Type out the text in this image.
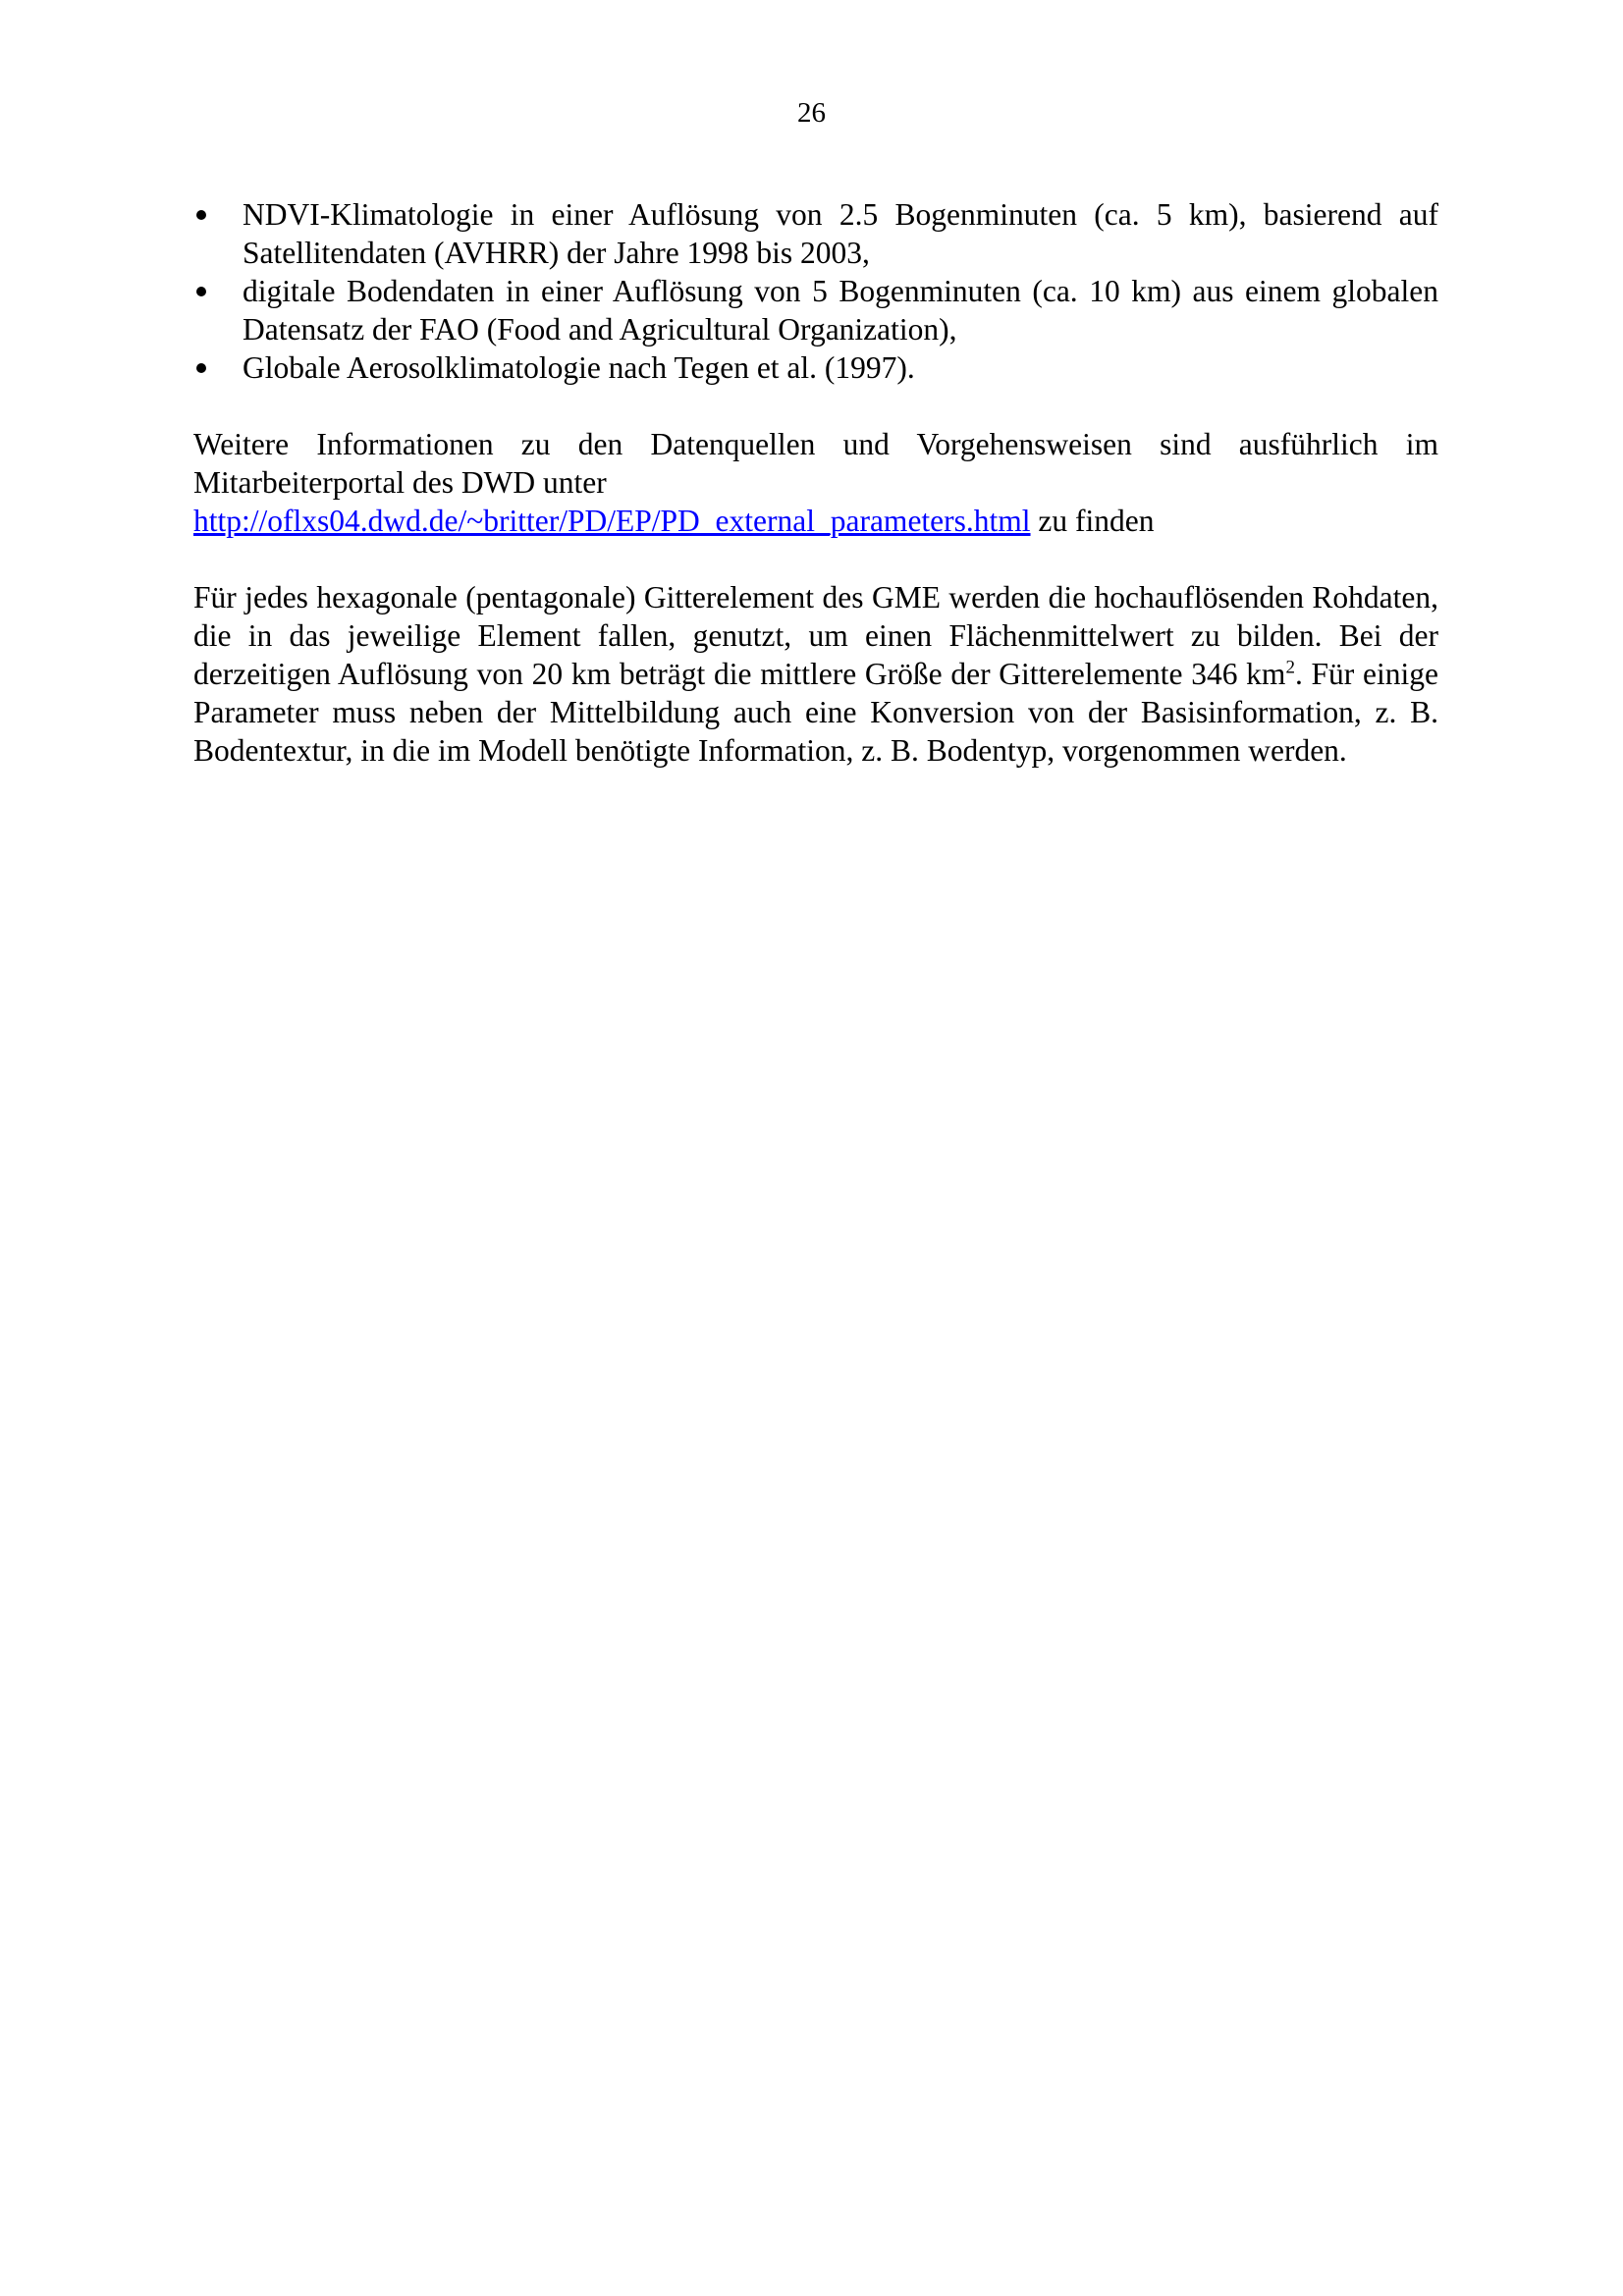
26
NDVI-Klimatologie in einer Auflösung von 2.5 Bogenminuten (ca. 5 km), basierend auf Satellitendaten (AVHRR) der Jahre 1998 bis 2003,
digitale Bodendaten in einer Auflösung von 5 Bogenminuten (ca. 10 km) aus einem globalen Datensatz der FAO (Food and Agricultural Organization),
Globale Aerosolklimatologie nach Tegen et al. (1997).

Weitere Informationen zu den Datenquellen und Vorgehensweisen sind ausführlich im Mitarbeiterportal des DWD unter
http://oflxs04.dwd.de/~britter/PD/EP/PD_external_parameters.html zu finden

Für jedes hexagonale (pentagonale) Gitterelement des GME werden die hochauflösenden Rohdaten, die in das jeweilige Element fallen, genutzt, um einen Flächenmittelwert zu bilden. Bei der derzeitigen Auflösung von 20 km beträgt die mittlere Größe der Gitterelemente 346 $km^2$. Für einige Parameter muss neben der Mittelbildung auch eine Konversion von der Basisinformation, z. B. Bodentextur, in die im Modell benötigte Information, z. B. Bodentyp, vorgenommen werden.
